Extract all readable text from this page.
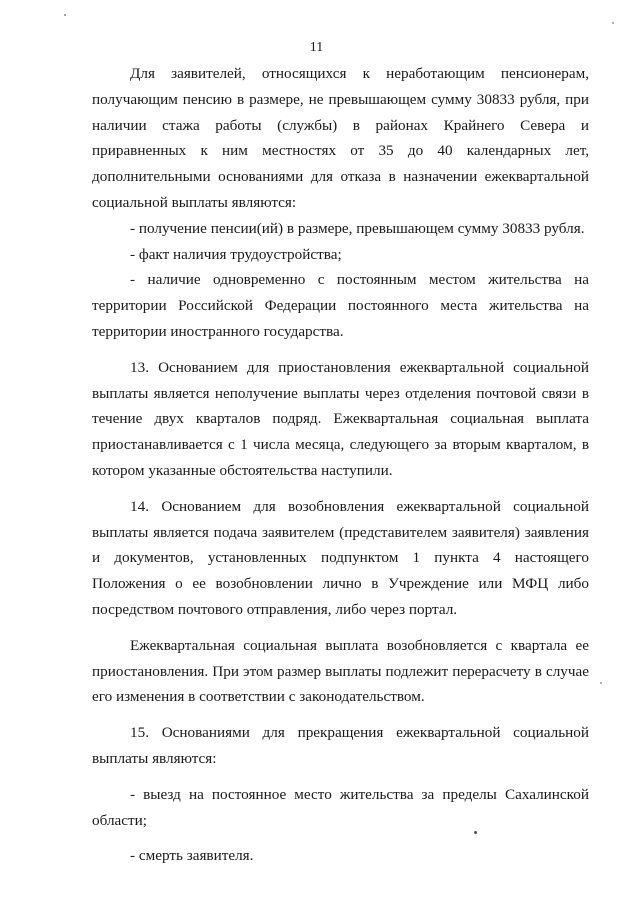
11

Для заявителей, относящихся к неработающим пенсионерам, получающим пенсию в размере, не превышающем сумму 30833 рубля, при наличии стажа работы (службы) в районах Крайнего Севера и приравненных к ним местностях от 35 до 40 календарных лет, дополнительными основаниями для отказа в назначении ежеквартальной социальной выплаты являются:

- получение пенсии(ий) в размере, превышающем сумму 30833 рубля.

- факт наличия трудоустройства;

- наличие одновременно с постоянным местом жительства на территории Российской Федерации постоянного места жительства на территории иностранного государства.

13. Основанием для приостановления ежеквартальной социальной выплаты является неполучение выплаты через отделения почтовой связи в течение двух кварталов подряд. Ежеквартальная социальная выплата приостанавливается с 1 числа месяца, следующего за вторым кварталом, в котором указанные обстоятельства наступили.

14. Основанием для возобновления ежеквартальной социальной выплаты является подача заявителем (представителем заявителя) заявления и документов, установленных подпунктом 1 пункта 4 настоящего Положения о ее возобновлении лично в Учреждение или МФЦ либо посредством почтового отправления, либо через портал.

Ежеквартальная социальная выплата возобновляется с квартала ее приостановления. При этом размер выплаты подлежит перерасчету в случае его изменения в соответствии с законодательством.

15. Основаниями для прекращения ежеквартальной социальной выплаты являются:

- выезд на постоянное место жительства за пределы Сахалинской области;

- смерть заявителя.
